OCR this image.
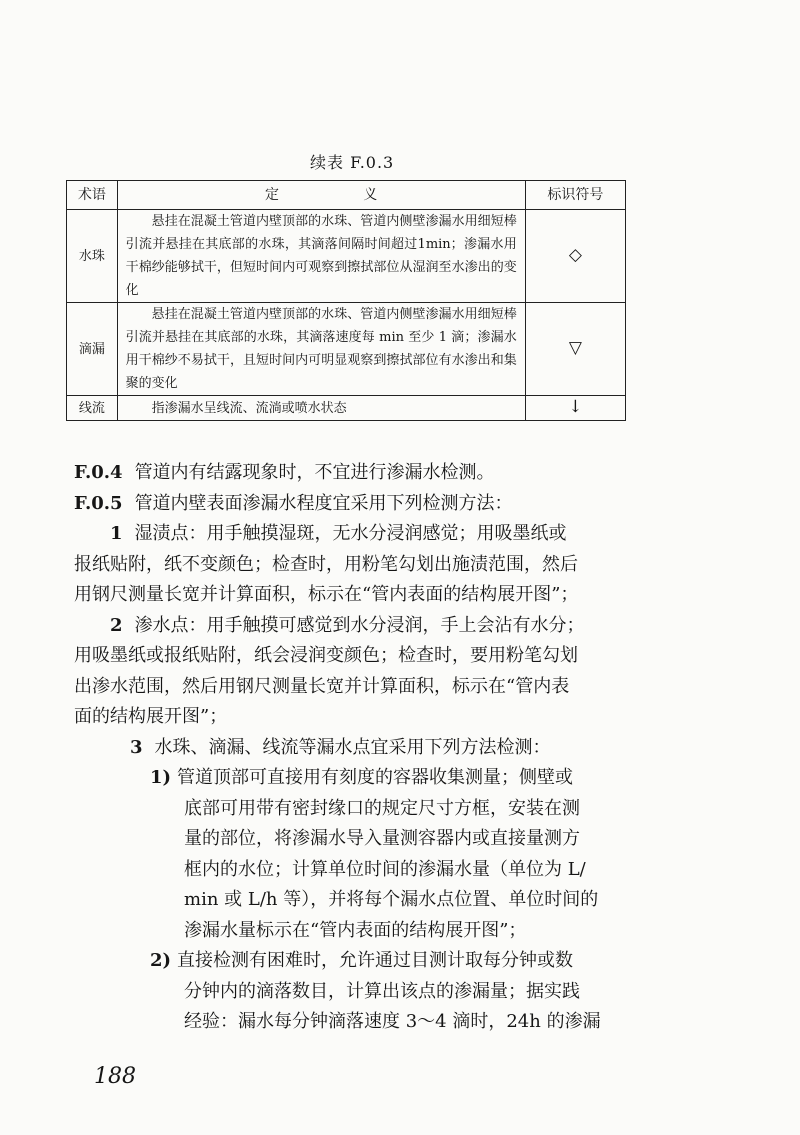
续表 F.0.3
术语	定 义	标识符号
水珠	悬挂在混凝土管道内壁顶部的水珠、管道内侧壁渗漏水用细短棒引流并悬挂在其底部的水珠，其滴落间隔时间超过1min；渗漏水用干棉纱能够拭干，但短时间内可观察到擦拭部位从湿润至水渗出的变化	◇
滴漏	悬挂在混凝土管道内壁顶部的水珠、管道内侧壁渗漏水用细短棒引流并悬挂在其底部的水珠，其滴落速度每 min 至少 1 滴；渗漏水用干棉纱不易拭干，且短时间内可明显观察到擦拭部位有水渗出和集聚的变化	▽
线流	指渗漏水呈线流、流淌或喷水状态	↓
F.0.4 管道内有结露现象时，不宜进行渗漏水检测。
F.0.5 管道内壁表面渗漏水程度宜采用下列检测方法：
1 湿渍点：用手触摸湿斑，无水分浸润感觉；用吸墨纸或
报纸贴附，纸不变颜色；检查时，用粉笔勾划出施渍范围，然后
用钢尺测量长宽并计算面积，标示在“管内表面的结构展开图”；
2 渗水点：用手触摸可感觉到水分浸润，手上会沾有水分；
用吸墨纸或报纸贴附，纸会浸润变颜色；检查时，要用粉笔勾划
出渗水范围，然后用钢尺测量长宽并计算面积，标示在“管内表
面的结构展开图”；
3 水珠、滴漏、线流等漏水点宜采用下列方法检测：
1) 管道顶部可直接用有刻度的容器收集测量；侧壁或
底部可用带有密封缘口的规定尺寸方框，安装在测
量的部位，将渗漏水导入量测容器内或直接量测方
框内的水位；计算单位时间的渗漏水量（单位为 L/
min 或 L/h 等），并将每个漏水点位置、单位时间的
渗漏水量标示在“管内表面的结构展开图”；
2) 直接检测有困难时，允许通过目测计取每分钟或数
分钟内的滴落数目，计算出该点的渗漏量；据实践
经验：漏水每分钟滴落速度 3～4 滴时，24h 的渗漏
188
